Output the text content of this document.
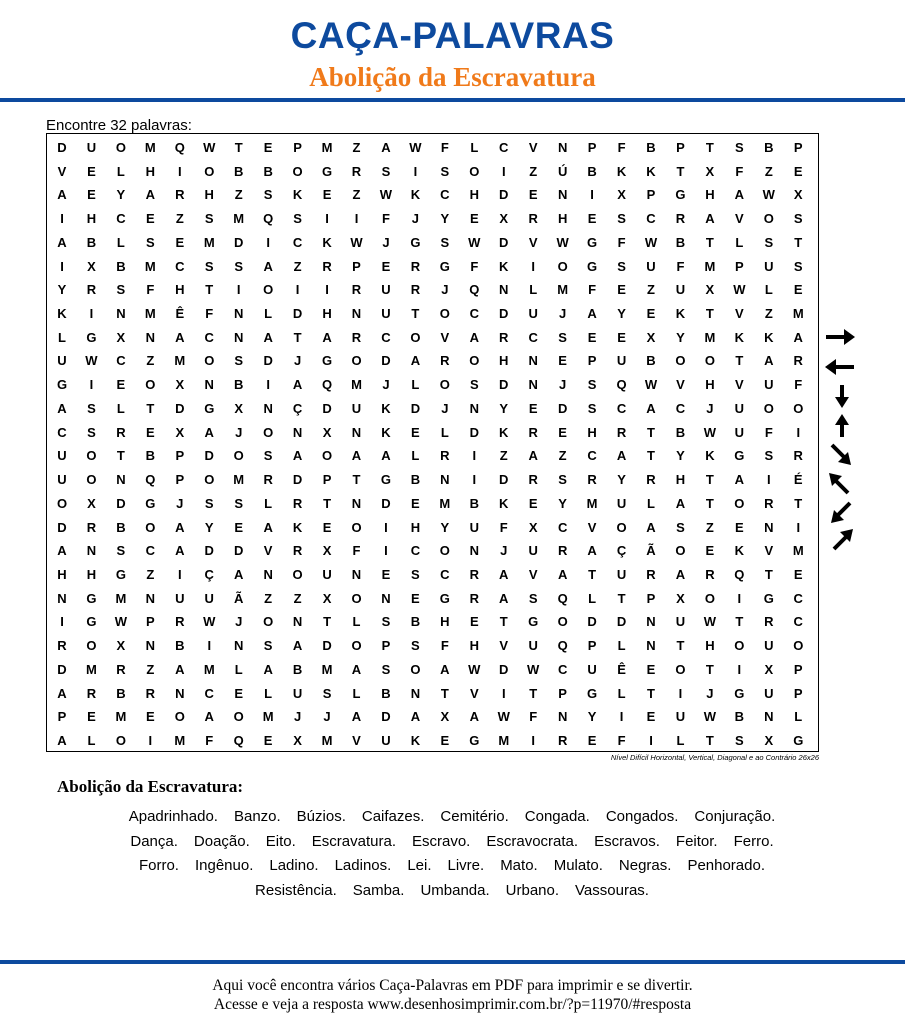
CAÇA-PALAVRAS
Abolição da Escravatura
Encontre 32 palavras:
D	U	O	M	Q	W	T	E	P	M	Z	A	W	F	L	C	V	N	P	F	B	P	T	S	B	P
V	E	L	H	I	O	B	B	O	G	R	S	I	S	O	I	Z	Ú	B	K	K	T	X	F	Z	E
A	E	Y	A	R	H	Z	S	K	E	Z	W	K	C	H	D	E	N	I	X	P	G	H	A	W	X
I	H	C	E	Z	S	M	Q	S	I	I	F	J	Y	E	X	R	H	E	S	C	R	A	V	O	S
A	B	L	S	E	M	D	I	C	K	W	J	G	S	W	D	V	W	G	F	W	B	T	L	S	T
I	X	B	M	C	S	S	A	Z	R	P	E	R	G	F	K	I	O	G	S	U	F	M	P	U	S
Y	R	S	F	H	T	I	O	I	I	R	U	R	J	Q	N	L	M	F	E	Z	U	X	W	L	E
K	I	N	M	Ê	F	N	L	D	H	N	U	T	O	C	D	U	J	A	Y	E	K	T	V	Z	M
L	G	X	N	A	C	N	A	T	A	R	C	O	V	A	R	C	S	E	E	X	Y	M	K	K	A
U	W	C	Z	M	O	S	D	J	G	O	D	A	R	O	H	N	E	P	U	B	O	O	T	A	R
G	I	E	O	X	N	B	I	A	Q	M	J	L	O	S	D	N	J	S	Q	W	V	H	V	U	F
A	S	L	T	D	G	X	N	Ç	D	U	K	D	J	N	Y	E	D	S	C	A	C	J	U	O	O
C	S	R	E	X	A	J	O	N	X	N	K	E	L	D	K	R	E	H	R	T	B	W	U	F	I
U	O	T	B	P	D	O	S	A	O	A	A	L	R	I	Z	A	Z	C	A	T	Y	K	G	S	R
U	O	N	Q	P	O	M	R	D	P	T	G	B	N	I	D	R	S	R	Y	R	H	T	A	I	É
O	X	D	G	J	S	S	L	R	T	N	D	E	M	B	K	E	Y	M	U	L	A	T	O	R	T
D	R	B	O	A	Y	E	A	K	E	O	I	H	Y	U	F	X	C	V	O	A	S	Z	E	N	I
A	N	S	C	A	D	D	V	R	X	F	I	C	O	N	J	U	R	A	Ç	Ã	O	E	K	V	M
H	H	G	Z	I	Ç	A	N	O	U	N	E	S	C	R	A	V	A	T	U	R	A	R	Q	T	E
N	G	M	N	U	U	Ã	Z	Z	X	O	N	E	G	R	A	S	Q	L	T	P	X	O	I	G	C
I	G	W	P	R	W	J	O	N	T	L	S	B	H	E	T	G	O	D	D	N	U	W	T	R	C
R	O	X	N	B	I	N	S	A	D	O	P	S	F	H	V	U	Q	P	L	N	T	H	O	U	O
D	M	R	Z	A	M	L	A	B	M	A	S	O	A	W	D	W	C	U	Ê	E	O	T	I	X	P
A	R	B	R	N	C	E	L	U	S	L	B	N	T	V	I	T	P	G	L	T	I	J	G	U	P
P	E	M	E	O	A	O	M	J	J	A	D	A	X	A	W	F	N	Y	I	E	U	W	B	N	L
A	L	O	I	M	F	Q	E	X	M	V	U	K	E	G	M	I	R	E	F	I	L	T	S	X	G
Nível Difícil Horizontal, Vertical, Diagonal e ao Contrário 26x26
Abolição da Escravatura:
Apadrinhado. Banzo. Búzios. Caifazes. Cemitério. Congada. Congados. Conjuração.
Dança. Doação. Eito. Escravatura. Escravo. Escravocrata. Escravos. Feitor. Ferro.
Forro. Ingênuo. Ladino. Ladinos. Lei. Livre. Mato. Mulato. Negras. Penhorado.
Resistência. Samba. Umbanda. Urbano. Vassouras.
Aqui você encontra vários Caça-Palavras em PDF para imprimir e se divertir.
Acesse e veja a resposta www.desenhosimprimir.com.br/?p=11970/#resposta
